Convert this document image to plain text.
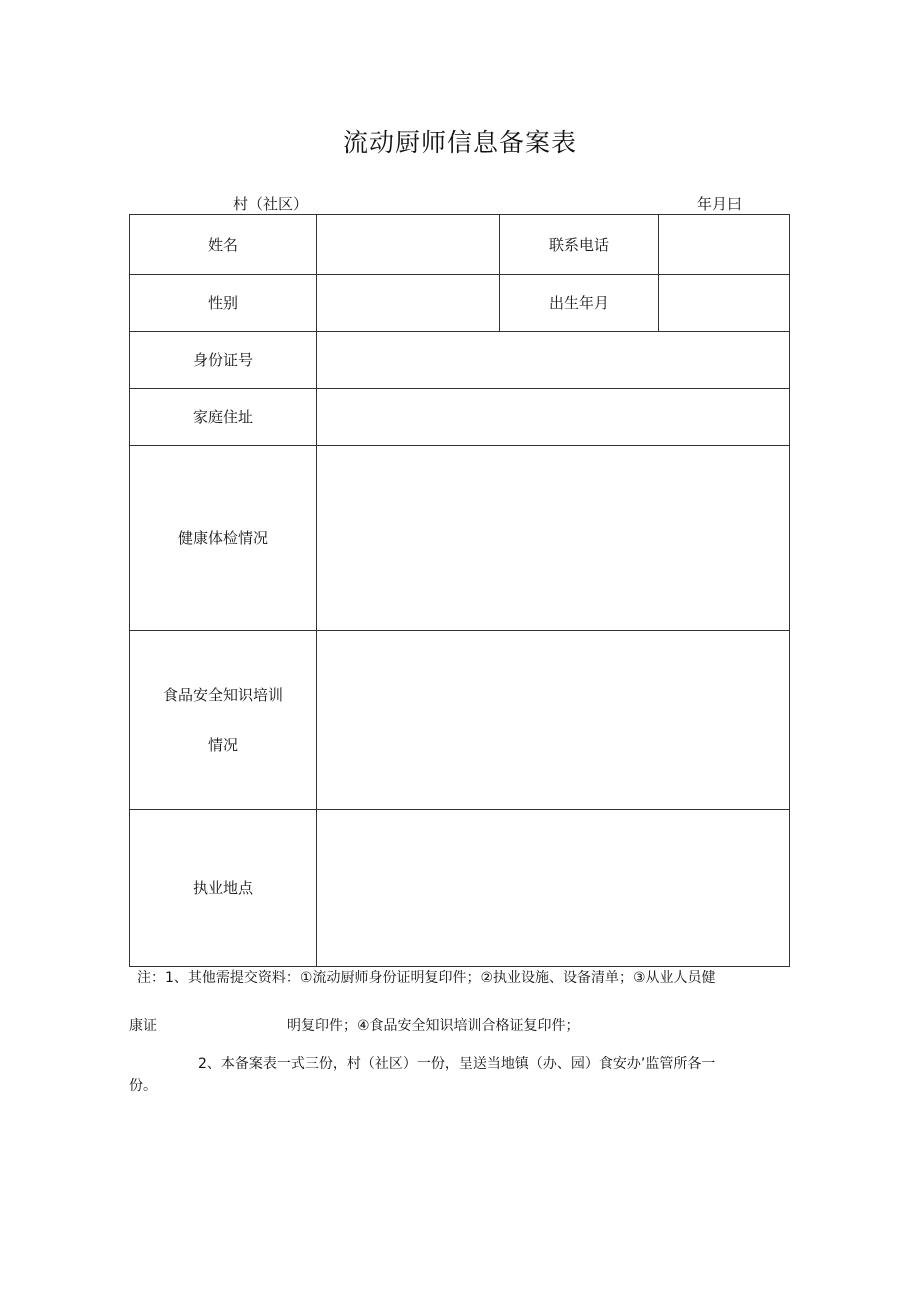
流动厨师信息备案表
村（社区）	年月曰
姓名		联系电话	
性别		出生年月	
身份证号			
家庭住址			
健康体检情况			

食品安全知识培训
情况			

执业地点			
注：1、其他需提交资料：①流动厨师身份证明复印件；②执业设施、设备清单；③从业人员健
康证	明复印件；④食品安全知识培训合格证复印件；
2、本备案表一式三份，村（社区）一份，呈送当地镇（办、园）食安办’监管所各一
份。
